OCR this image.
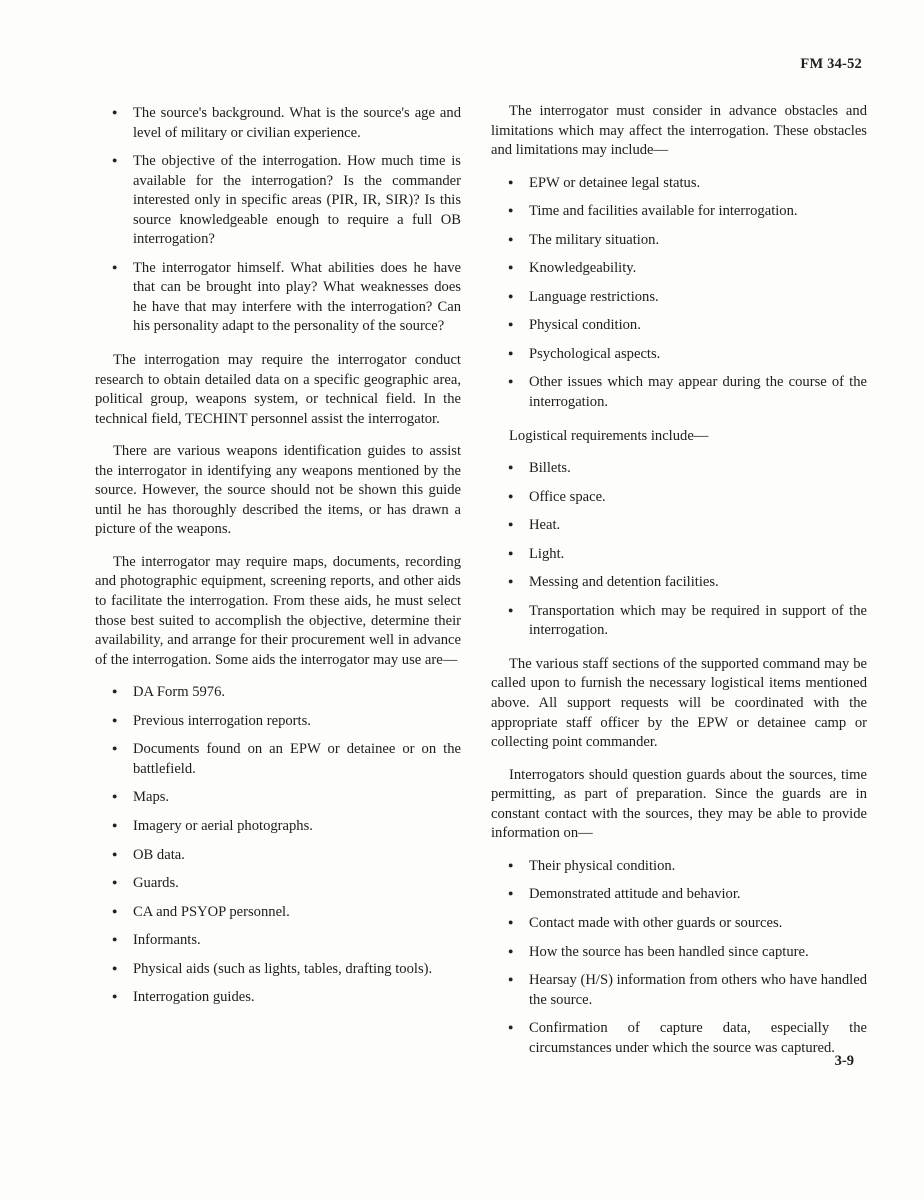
FM 34-52
● The source's background. What is the source's age and level of military or civilian experience.
● The objective of the interrogation. How much time is available for the interrogation? Is the commander interested only in specific areas (PIR, IR, SIR)? Is this source knowledgeable enough to require a full OB interrogation?
● The interrogator himself. What abilities does he have that can be brought into play? What weaknesses does he have that may interfere with the interrogation? Can his personality adapt to the personality of the source?

The interrogation may require the interrogator conduct research to obtain detailed data on a specific geographic area, political group, weapons system, or technical field. In the technical field, TECHINT personnel assist the interrogator.

There are various weapons identification guides to assist the interrogator in identifying any weapons mentioned by the source. However, the source should not be shown this guide until he has thoroughly described the items, or has drawn a picture of the weapons.

The interrogator may require maps, documents, recording and photographic equipment, screening reports, and other aids to facilitate the interrogation. From these aids, he must select those best suited to accomplish the objective, determine their availability, and arrange for their procurement well in advance of the interrogation. Some aids the interrogator may use are—

● DA Form 5976.
● Previous interrogation reports.
● Documents found on an EPW or detainee or on the battlefield.
● Maps.
● Imagery or aerial photographs.
● OB data.
● Guards.
● CA and PSYOP personnel.
● Informants.
● Physical aids (such as lights, tables, drafting tools).
● Interrogation guides.

The interrogator must consider in advance obstacles and limitations which may affect the interrogation. These obstacles and limitations may include—

● EPW or detainee legal status.
● Time and facilities available for interrogation.
● The military situation.
● Knowledgeability.
● Language restrictions.
● Physical condition.
● Psychological aspects.
● Other issues which may appear during the course of the interrogation.

Logistical requirements include—

● Billets.
● Office space.
● Heat.
● Light.
● Messing and detention facilities.
● Transportation which may be required in support of the interrogation.

The various staff sections of the supported command may be called upon to furnish the necessary logistical items mentioned above. All support requests will be coordinated with the appropriate staff officer by the EPW or detainee camp or collecting point commander.

Interrogators should question guards about the sources, time permitting, as part of preparation. Since the guards are in constant contact with the sources, they may be able to provide information on—

● Their physical condition.
● Demonstrated attitude and behavior.
● Contact made with other guards or sources.
● How the source has been handled since capture.
● Hearsay (H/S) information from others who have handled the source.
● Confirmation of capture data, especially the circumstances under which the source was captured.
3-9
